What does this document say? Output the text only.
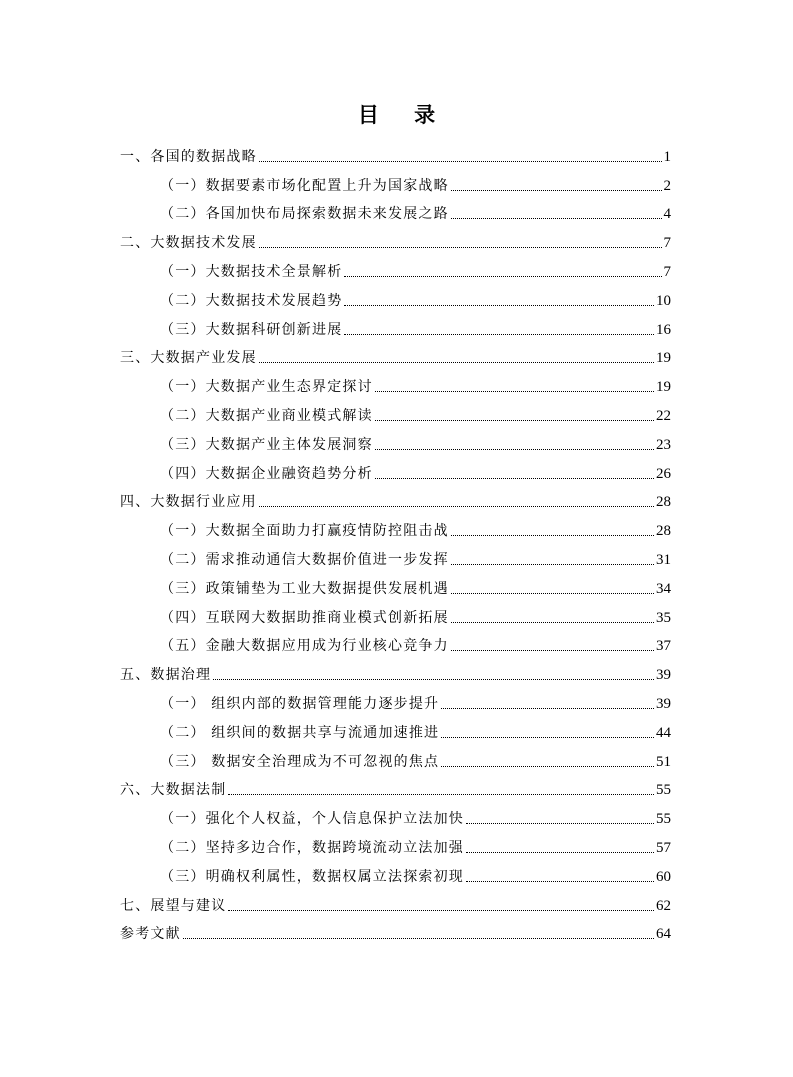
目 录
一、各国的数据战略	1
（一）数据要素市场化配置上升为国家战略	2
（二）各国加快布局探索数据未来发展之路	4
二、大数据技术发展	7
（一）大数据技术全景解析	7
（二）大数据技术发展趋势	10
（三）大数据科研创新进展	16
三、大数据产业发展	19
（一）大数据产业生态界定探讨	19
（二）大数据产业商业模式解读	22
（三）大数据产业主体发展洞察	23
（四）大数据企业融资趋势分析	26
四、大数据行业应用	28
（一）大数据全面助力打赢疫情防控阻击战	28
（二）需求推动通信大数据价值进一步发挥	31
（三）政策铺垫为工业大数据提供发展机遇	34
（四）互联网大数据助推商业模式创新拓展	35
（五）金融大数据应用成为行业核心竞争力	37
五、数据治理	39
（一） 组织内部的数据管理能力逐步提升	39
（二） 组织间的数据共享与流通加速推进	44
（三） 数据安全治理成为不可忽视的焦点	51
六、大数据法制	55
（一）强化个人权益，个人信息保护立法加快	55
（二）坚持多边合作，数据跨境流动立法加强	57
（三）明确权利属性，数据权属立法探索初现	60
七、展望与建议	62
参考文献	64
